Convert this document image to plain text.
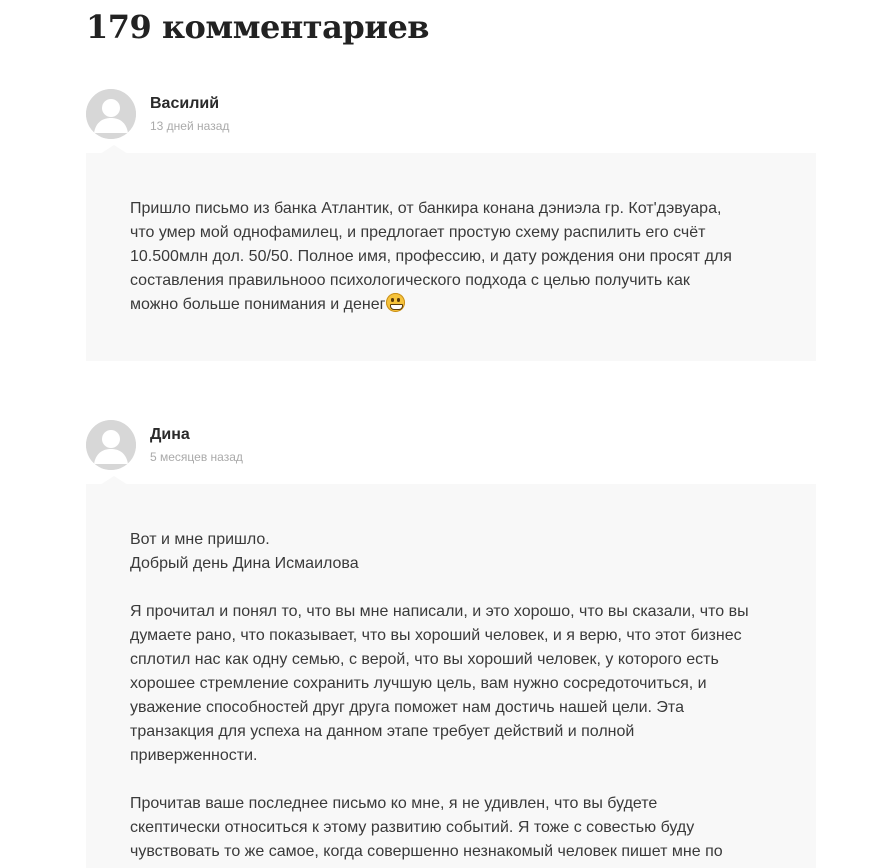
179 комментариев
Василий
13 дней назад

Пришло письмо из банка Атлантик, от банкира конана дэниэла гр. Кот'дэвуара,
что умер мой однофамилец, и предлогает простую схему распилить его счёт
10.500млн дол. 50/50. Полное имя, профессию, и дату рождения они просят для
составления правильнооо психологического подхода с целью получить как
можно больше понимания и денег

Дина
5 месяцев назад

Вот и мне пришло.
Добрый день Дина Исмаилова

Я прочитал и понял то, что вы мне написали, и это хорошо, что вы сказали, что вы
думаете рано, что показывает, что вы хороший человек, и я верю, что этот бизнес
сплотил нас как одну семью, с верой, что вы хороший человек, у которого есть
хорошее стремление сохранить лучшую цель, вам нужно сосредоточиться, и
уважение способностей друг друга поможет нам достичь нашей цели. Эта
транзакция для успеха на данном этапе требует действий и полной
приверженности.

Прочитав ваше последнее письмо ко мне, я не удивлен, что вы будете
скептически относиться к этому развитию событий. Я тоже с совестью буду
чувствовать то же самое, когда совершенно незнакомый человек пишет мне по
